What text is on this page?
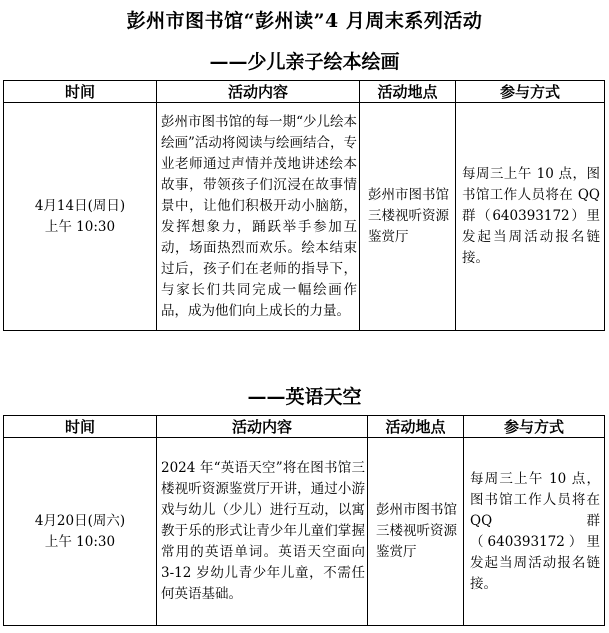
彭州市图书馆“彭州读”4 月周末系列活动
——少儿亲子绘本绘画
时间	活动内容	活动地点	参与方式

4月14日(周日)
上午 10:30	彭州市图书馆的每一期“少儿绘本绘画”活动将阅读与绘画结合，专业老师通过声情并茂地讲述绘本故事，带领孩子们沉浸在故事情景中，让他们积极开动小脑筋，发挥想象力，踊跃举手参加互动，场面热烈而欢乐。绘本结束过后，孩子们在老师的指导下，与家长们共同完成一幅绘画作品，成为他们向上成长的力量。	彭州市图书馆三楼视听资源鉴赏厅	每周三上午 10 点，图书馆工作人员将在 QQ 群（640393172）里发起当周活动报名链接。
——英语天空
时间	活动内容	活动地点	参与方式

4月20日(周六)
上午 10:30	2024 年“英语天空”将在图书馆三楼视听资源鉴赏厅开讲，通过小游戏与幼儿（少儿）进行互动，以寓教于乐的形式让青少年儿童们掌握常用的英语单词。英语天空面向 3-12 岁幼儿青少年儿童，不需任何英语基础。	彭州市图书馆三楼视听资源鉴赏厅	每周三上午 10 点，图书馆工作人员将在 QQ 群（640393172）里发起当周活动报名链接。
